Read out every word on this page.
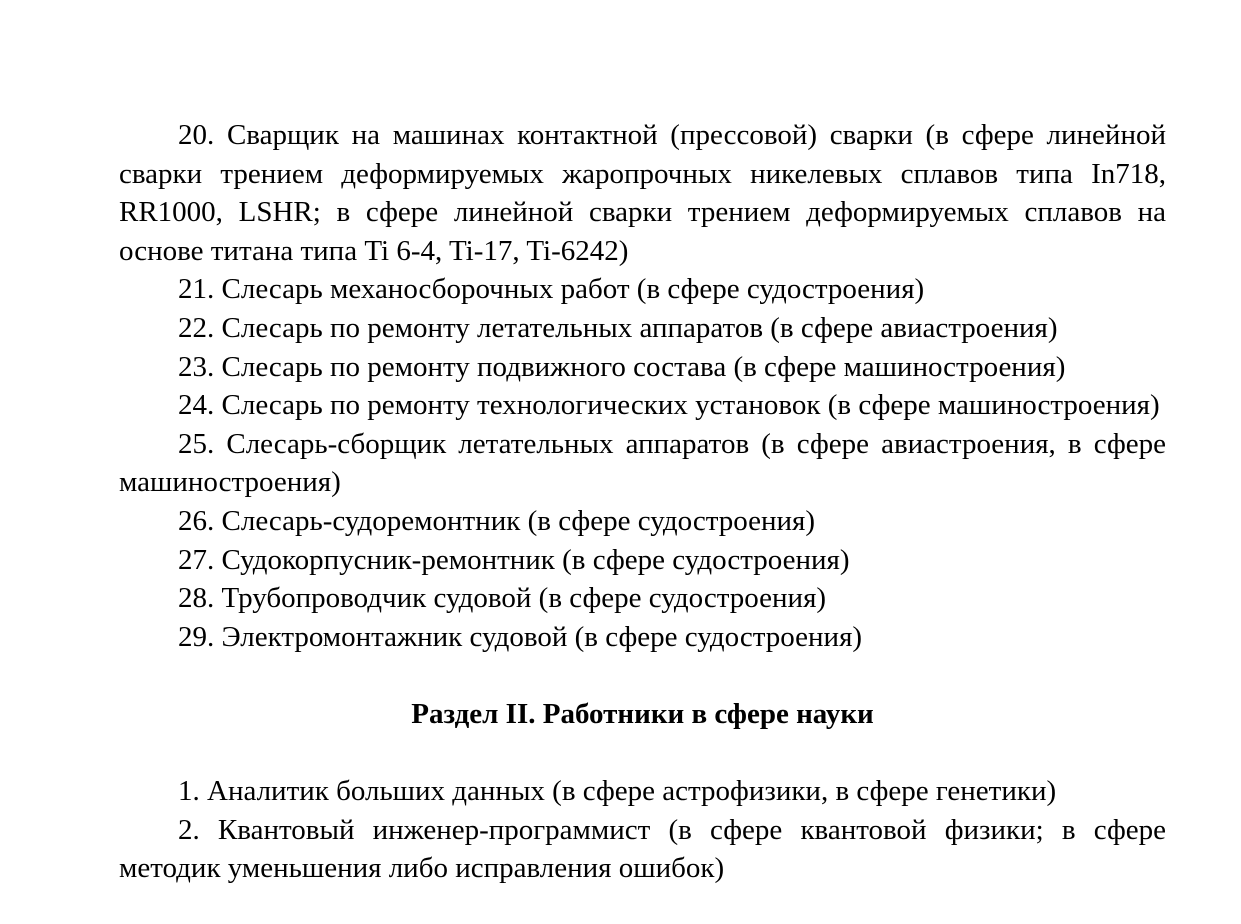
20. Сварщик на машинах контактной (прессовой) сварки (в сфере линейной сварки трением деформируемых жаропрочных никелевых сплавов типа In718, RR1000, LSHR; в сфере линейной сварки трением деформируемых сплавов на основе титана типа Ti 6-4, Ti-17, Ti-6242)

21. Слесарь механосборочных работ (в сфере судостроения)

22. Слесарь по ремонту летательных аппаратов (в сфере авиастроения)

23. Слесарь по ремонту подвижного состава (в сфере машиностроения)

24. Слесарь по ремонту технологических установок (в сфере машиностроения)

25. Слесарь-сборщик летательных аппаратов (в сфере авиастроения, в сфере машиностроения)

26. Слесарь-судоремонтник (в сфере судостроения)

27. Судокорпусник-ремонтник (в сфере судостроения)

28. Трубопроводчик судовой (в сфере судостроения)

29. Электромонтажник судовой (в сфере судостроения)

Раздел II. Работники в сфере науки

1. Аналитик больших данных (в сфере астрофизики, в сфере генетики)

2. Квантовый инженер-программист (в сфере квантовой физики; в сфере методик уменьшения либо исправления ошибок)
